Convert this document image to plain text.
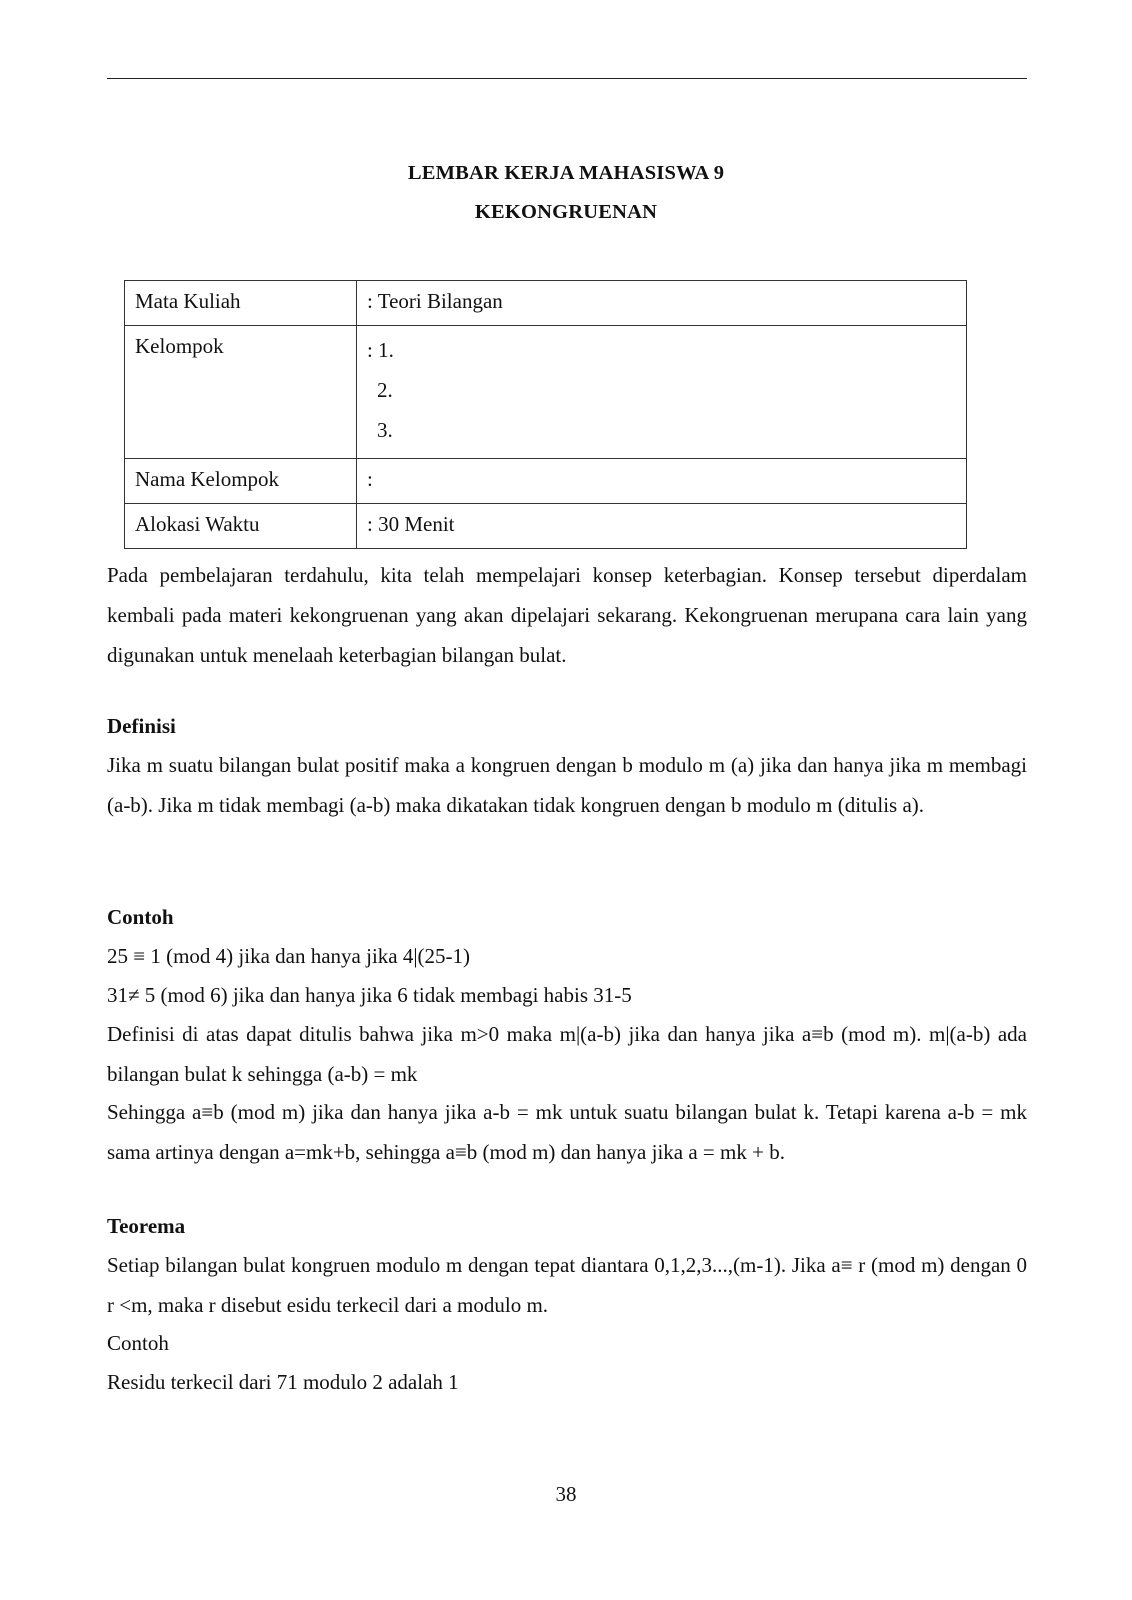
LEMBAR KERJA MAHASISWA 9
KEKONGRUENAN
Mata Kuliah	: Teori Bilangan
Kelompok	: 1.
2.
3.

Nama Kelompok	:
Alokasi Waktu	: 30 Menit

Pada pembelajaran terdahulu, kita telah mempelajari konsep keterbagian. Konsep tersebut diperdalam kembali pada materi kekongruenan yang akan dipelajari sekarang. Kekongruenan merupana cara lain yang digunakan untuk menelaah keterbagian bilangan bulat.

Definisi

Jika m suatu bilangan bulat positif maka a kongruen dengan b modulo m (a) jika dan hanya jika m membagi (a-b). Jika m tidak membagi (a-b) maka dikatakan tidak kongruen dengan b modulo m (ditulis a).

Contoh
25 ≡ 1 (mod 4) jika dan hanya jika 4|(25-1)
31≠ 5 (mod 6) jika dan hanya jika 6 tidak membagi habis 31-5

Definisi di atas dapat ditulis bahwa jika m>0 maka m|(a-b) jika dan hanya jika a≡b (mod m). m|(a-b) ada bilangan bulat k sehingga (a-b) = mk

Sehingga a≡b (mod m) jika dan hanya jika a-b = mk untuk suatu bilangan bulat k. Tetapi karena a-b = mk sama artinya dengan a=mk+b, sehingga a≡b (mod m) dan hanya jika a = mk + b.

Teorema

Setiap bilangan bulat kongruen modulo m dengan tepat diantara 0,1,2,3...,(m-1). Jika a≡ r (mod m) dengan 0 r <m, maka r disebut esidu terkecil dari a modulo m.

Contoh
Residu terkecil dari 71 modulo 2 adalah 1
38
